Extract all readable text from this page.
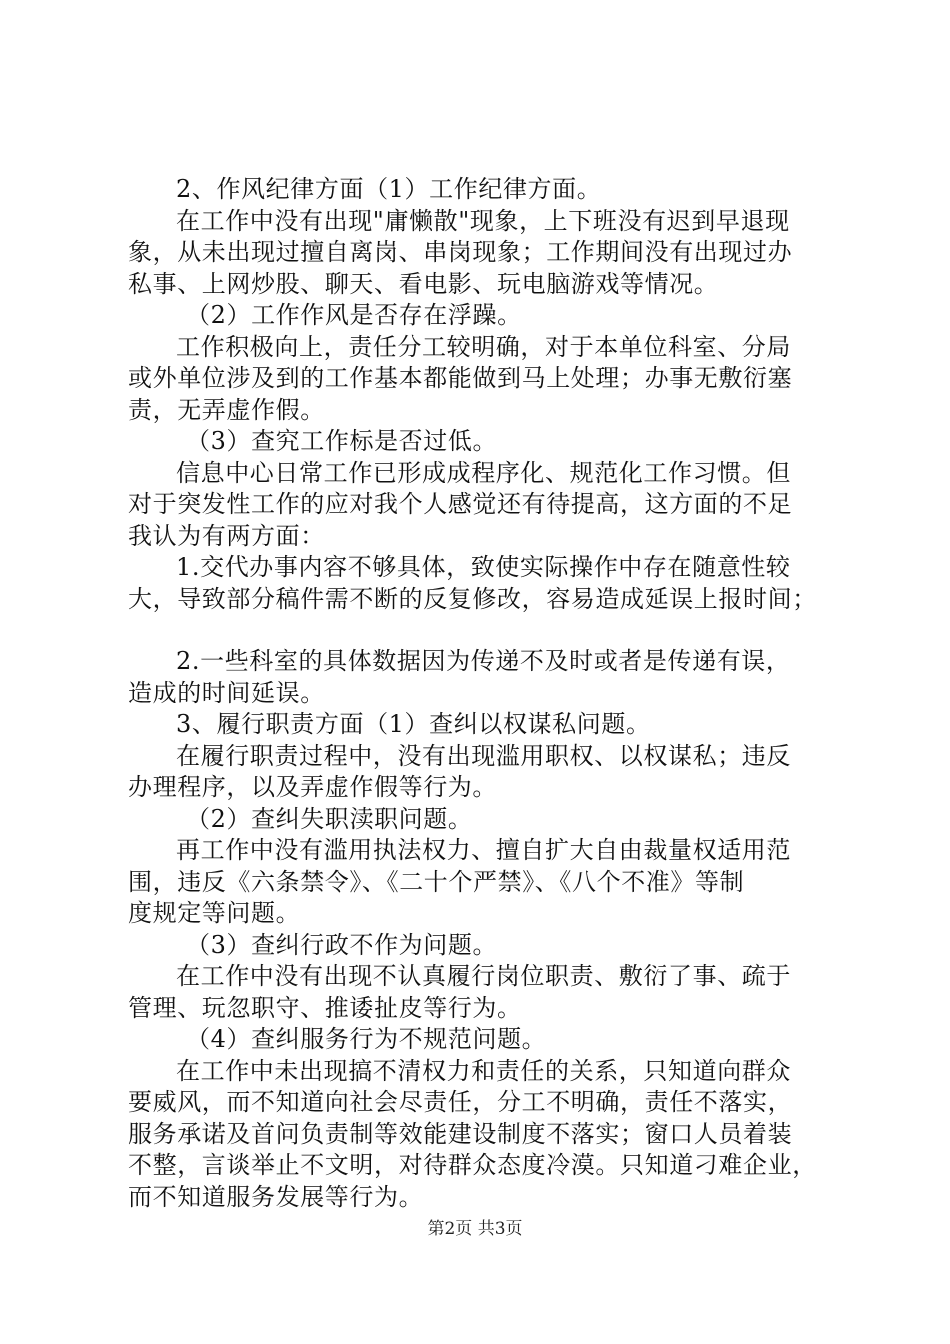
2、作风纪律方面（1）工作纪律方面。
在工作中没有出现"庸懒散"现象，上下班没有迟到早退现
象，从未出现过擅自离岗、串岗现象；工作期间没有出现过办
私事、上网炒股、聊天、看电影、玩电脑游戏等情况。
（2）工作作风是否存在浮躁。
工作积极向上，责任分工较明确，对于本单位科室、分局
或外单位涉及到的工作基本都能做到马上处理；办事无敷衍塞
责，无弄虚作假。
（3）查究工作标是否过低。
信息中心日常工作已形成成程序化、规范化工作习惯。但
对于突发性工作的应对我个人感觉还有待提高，这方面的不足
我认为有两方面：
1.交代办事内容不够具体，致使实际操作中存在随意性较
大，导致部分稿件需不断的反复修改，容易造成延误上报时间；
2.一些科室的具体数据因为传递不及时或者是传递有误，
造成的时间延误。
3、履行职责方面（1）查纠以权谋私问题。
在履行职责过程中，没有出现滥用职权、以权谋私；违反
办理程序，以及弄虚作假等行为。
（2）查纠失职渎职问题。
再工作中没有滥用执法权力、擅自扩大自由裁量权适用范
围，违反《六条禁令》、《二十个严禁》、《八个不准》等制
度规定等问题。
（3）查纠行政不作为问题。
在工作中没有出现不认真履行岗位职责、敷衍了事、疏于
管理、玩忽职守、推诿扯皮等行为。
（4）查纠服务行为不规范问题。
在工作中未出现搞不清权力和责任的关系，只知道向群众
要威风，而不知道向社会尽责任，分工不明确，责任不落实，
服务承诺及首问负责制等效能建设制度不落实；窗口人员着装
不整，言谈举止不文明，对待群众态度冷漠。只知道刁难企业，
而不知道服务发展等行为。
第2页 共3页
